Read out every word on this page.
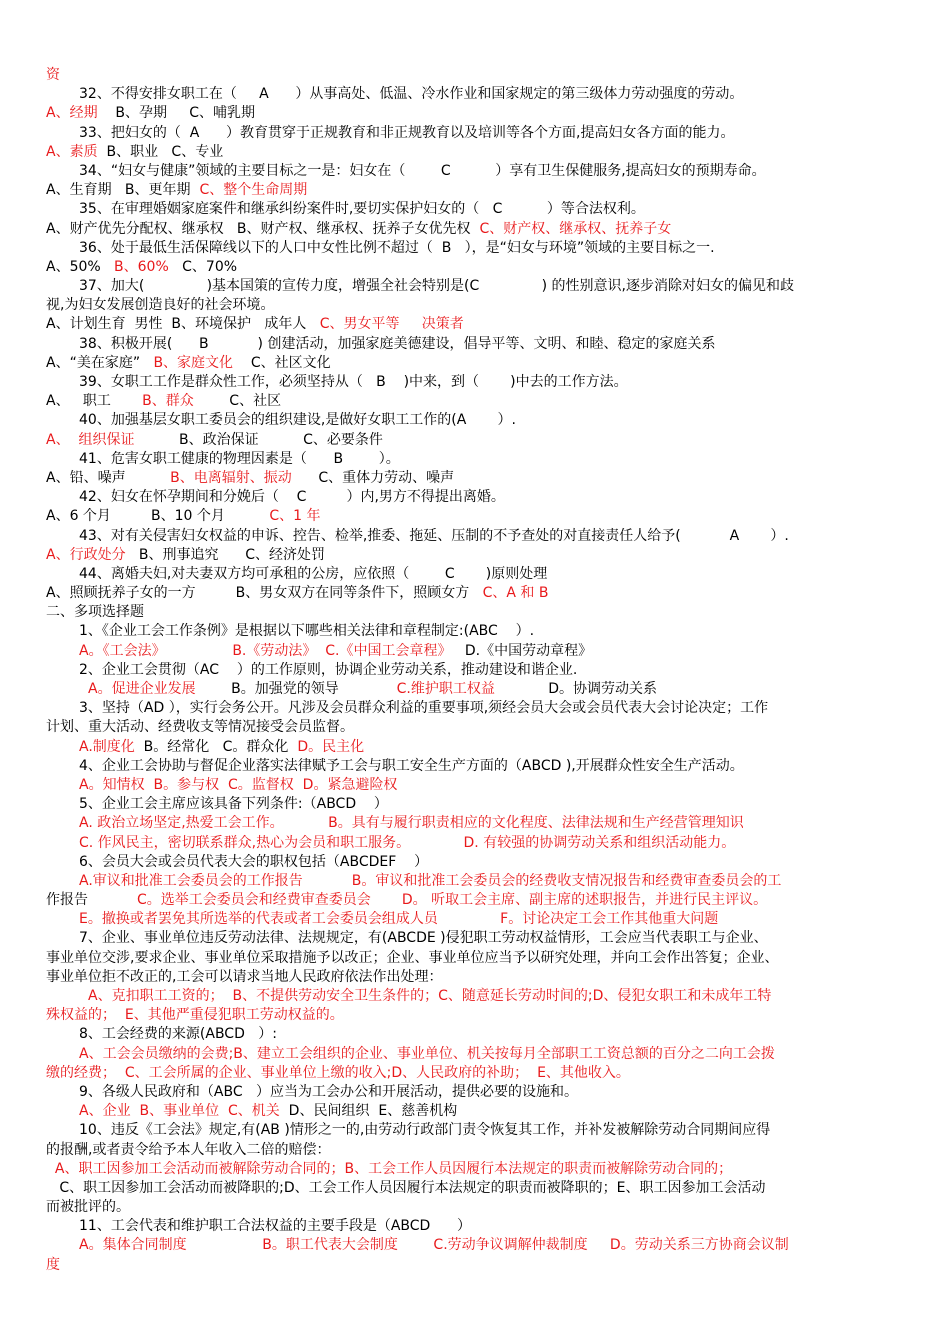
资
32、不得安排女职工在（     A      ）从事高处、低温、冷水作业和国家规定的第三级体力劳动强度的劳动。
A、经期    B、孕期     C、哺乳期
33、把妇女的（  A      ）教育贯穿于正规教育和非正规教育以及培训等各个方面,提高妇女各方面的能力。
A、素质  B、职业   C、专业
34、“妇女与健康”领域的主要目标之一是：妇女在（        C          ）享有卫生保健服务,提高妇女的预期寿命。
A、生育期   B、更年期  C、整个生命周期
35、在审理婚姻家庭案件和继承纠纷案件时,要切实保护妇女的（   C          ）等合法权利。
A、财产优先分配权、继承权   B、财产权、继承权、抚养子女优先权  C、财产权、继承权、抚养子女
36、处于最低生活保障线以下的人口中女性比例不超过（  B   ），是“妇女与环境”领域的主要目标之一.
A、50%   B、60%   C、70%
37、加大(              )基本国策的宣传力度，增强全社会特别是(C              ) 的性别意识,逐步消除对妇女的偏见和歧
视,为妇女发展创造良好的社会环境。
A、计划生育  男性  B、环境保护   成年人   C、男女平等     决策者
38、积极开展(      B           ) 创建活动，加强家庭美德建设，倡导平等、文明、和睦、稳定的家庭关系
A、“美在家庭”   B、家庭文化    C、社区文化
39、女职工工作是群众性工作，必须坚持从（   B    )中来，到（       )中去的工作方法。
A、   职工       B、群众        C、社区
40、加强基层女职工委员会的组织建设,是做好女职工工作的(A       ）.
A、  组织保证          B、政治保证          C、必要条件
41、危害女职工健康的物理因素是（      B        ）。
A、铅、噪声          B、电离辐射、振动      C、重体力劳动、噪声
42、妇女在怀孕期间和分娩后（    C         ）内,男方不得提出离婚。
A、6 个月         B、10 个月          C、1 年
43、对有关侵害妇女权益的申诉、控告、检举,推委、拖延、压制的不予查处的对直接责任人给予(           A       ）.
A、行政处分   B、刑事追究      C、经济处罚
44、离婚夫妇,对夫妻双方均可承租的公房，应依照（        C       )原则处理
A、照顾抚养子女的一方         B、男女双方在同等条件下，照顾女方   C、A 和 B
二、多项选择题
1、《企业工会工作条例》是根据以下哪些相关法律和章程制定:(ABC    ）.
A。《工会法》               B.《劳动法》  C.《中国工会章程》   D.《中国劳动章程》
2、企业工会贯彻（AC    ）的工作原则，协调企业劳动关系，推动建设和谐企业.
A。促进企业发展        B。加强党的领导             C.维护职工权益            D。协调劳动关系
3、坚持（AD ），实行会务公开。凡涉及会员群众利益的重要事项,须经会员大会或会员代表大会讨论决定；工作
计划、重大活动、经费收支等情况接受会员监督。
A.制度化  B。经常化   C。群众化  D。民主化
4、企业工会协助与督促企业落实法律赋予工会与职工安全生产方面的（ABCD ),开展群众性安全生产活动。
A。知情权  B。参与权  C。监督权  D。紧急避险权
5、企业工会主席应该具备下列条件:（ABCD    ）
A. 政治立场坚定,热爱工会工作。          B。具有与履行职责相应的文化程度、法律法规和生产经营管理知识
C. 作风民主，密切联系群众,热心为会员和职工服务。            D. 有较强的协调劳动关系和组织活动能力。
6、会员大会或会员代表大会的职权包括（ABCDEF    ）
A.审议和批准工会委员会的工作报告           B。审议和批准工会委员会的经费收支情况报告和经费审查委员会的工
作报告           C。选举工会委员会和经费审查委员会 D。 听取工会主席、副主席的述职报告，并进行民主评议。
E。撤换或者罢免其所选举的代表或者工会委员会组成人员              F。讨论决定工会工作其他重大问题
7、企业、事业单位违反劳动法律、法规规定，有(ABCDE )侵犯职工劳动权益情形，工会应当代表职工与企业、
事业单位交涉,要求企业、事业单位采取措施予以改正；企业、事业单位应当予以研究处理，并向工会作出答复；企业、
事业单位拒不改正的,工会可以请求当地人民政府依法作出处理：
A、克扣职工工资的；  B、不提供劳动安全卫生条件的；C、随意延长劳动时间的;D、侵犯女职工和未成年工特
殊权益的；  E、其他严重侵犯职工劳动权益的。
8、工会经费的来源(ABCD   ）:
A、工会会员缴纳的会费;B、建立工会组织的企业、事业单位、机关按每月全部职工工资总额的百分之二向工会拨
缴的经费；  C、工会所属的企业、事业单位上缴的收入;D、人民政府的补助；  E、其他收入。
9、各级人民政府和（ABC   ）应当为工会办公和开展活动，提供必要的设施和。
A、企业  B、事业单位  C、机关  D、民间组织  E、慈善机构
10、违反《工会法》规定,有(AB )情形之一的,由劳动行政部门责令恢复其工作，并补发被解除劳动合同期间应得
的报酬,或者责令给予本人年收入二倍的赔偿：
A、职工因参加工会活动而被解除劳动合同的；B、工会工作人员因履行本法规定的职责而被解除劳动合同的；
C、职工因参加工会活动而被降职的;D、工会工作人员因履行本法规定的职责而被降职的；E、职工因参加工会活动
而被批评的。
11、工会代表和维护职工合法权益的主要手段是（ABCD      ）
A。集体合同制度                 B。职工代表大会制度        C.劳动争议调解仲裁制度     D。劳动关系三方协商会议制
度
